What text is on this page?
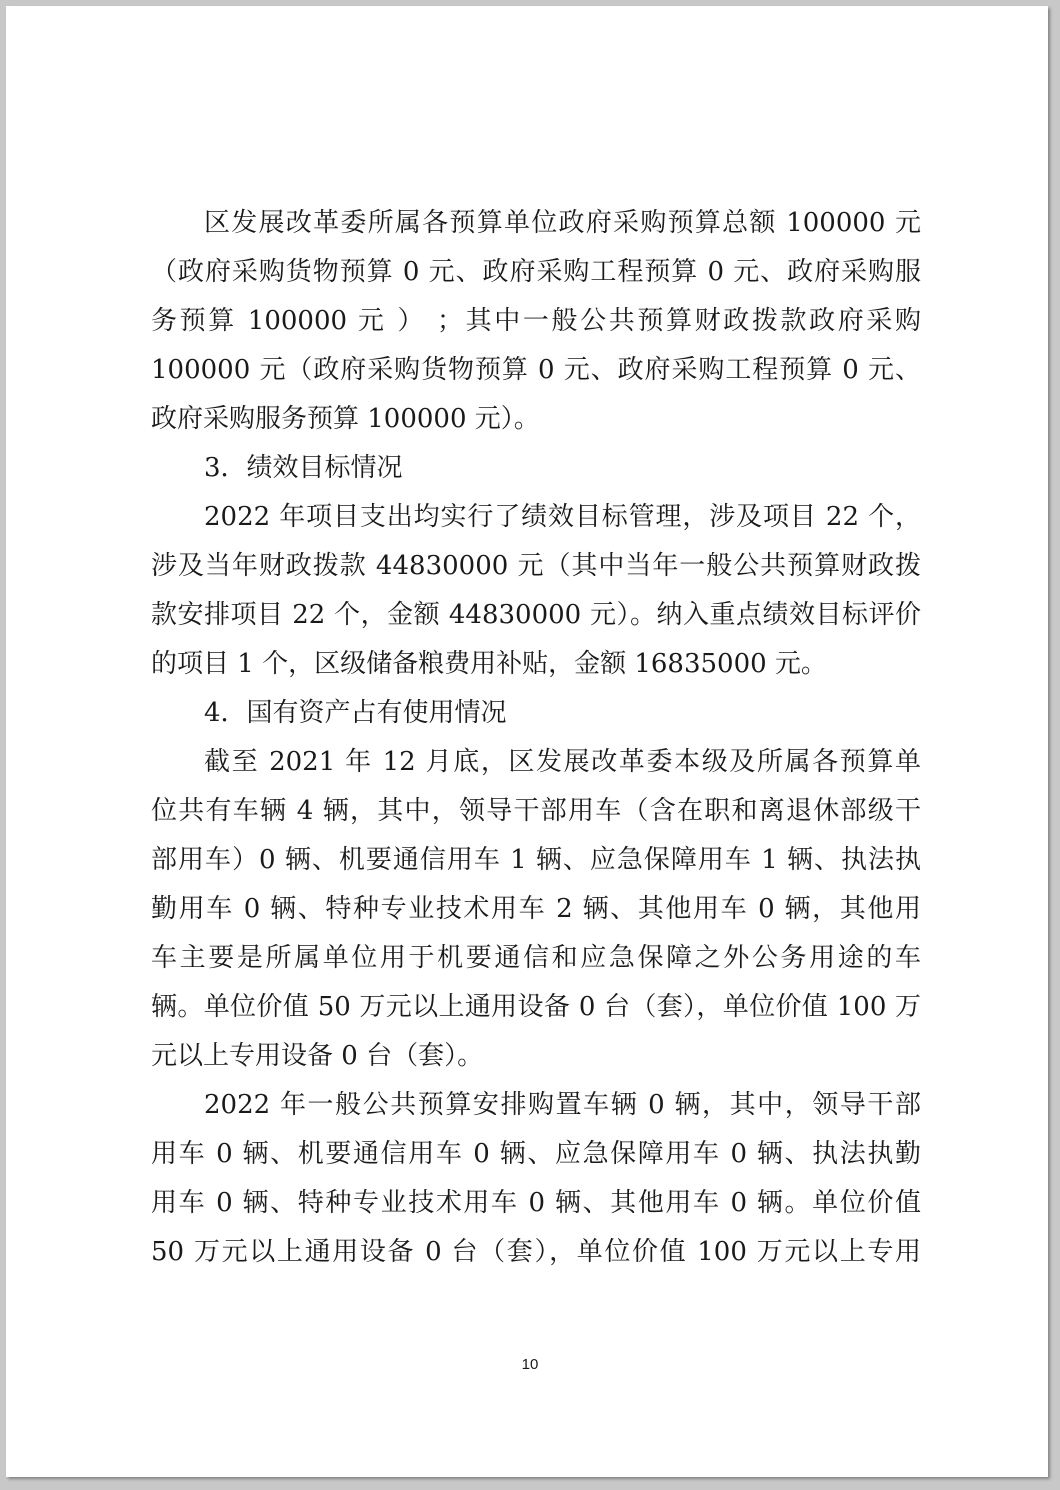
区发展改革委所属各预算单位政府采购预算总额 100000 元
（政府采购货物预算 0 元、政府采购工程预算 0 元、政府采购服
务预算 100000 元 ） ；其中一般公共预算财政拨款政府采购
100000 元（政府采购货物预算 0 元、政府采购工程预算 0 元、
政府采购服务预算 100000 元）。
3．绩效目标情况
2022 年项目支出均实行了绩效目标管理，涉及项目 22 个，
涉及当年财政拨款 44830000 元（其中当年一般公共预算财政拨
款安排项目 22 个，金额 44830000 元）。纳入重点绩效目标评价
的项目 1 个，区级储备粮费用补贴，金额 16835000 元。
4．国有资产占有使用情况
截至 2021 年 12 月底，区发展改革委本级及所属各预算单
位共有车辆 4 辆，其中，领导干部用车（含在职和离退休部级干
部用车）0 辆、机要通信用车 1 辆、应急保障用车 1 辆、执法执
勤用车 0 辆、特种专业技术用车 2 辆、其他用车 0 辆，其他用
车主要是所属单位用于机要通信和应急保障之外公务用途的车
辆。单位价值 50 万元以上通用设备 0 台（套），单位价值 100 万
元以上专用设备 0 台（套）。
2022 年一般公共预算安排购置车辆 0 辆，其中，领导干部
用车 0 辆、机要通信用车 0 辆、应急保障用车 0 辆、执法执勤
用车 0 辆、特种专业技术用车 0 辆、其他用车 0 辆。单位价值
50 万元以上通用设备 0 台（套），单位价值 100 万元以上专用
10
